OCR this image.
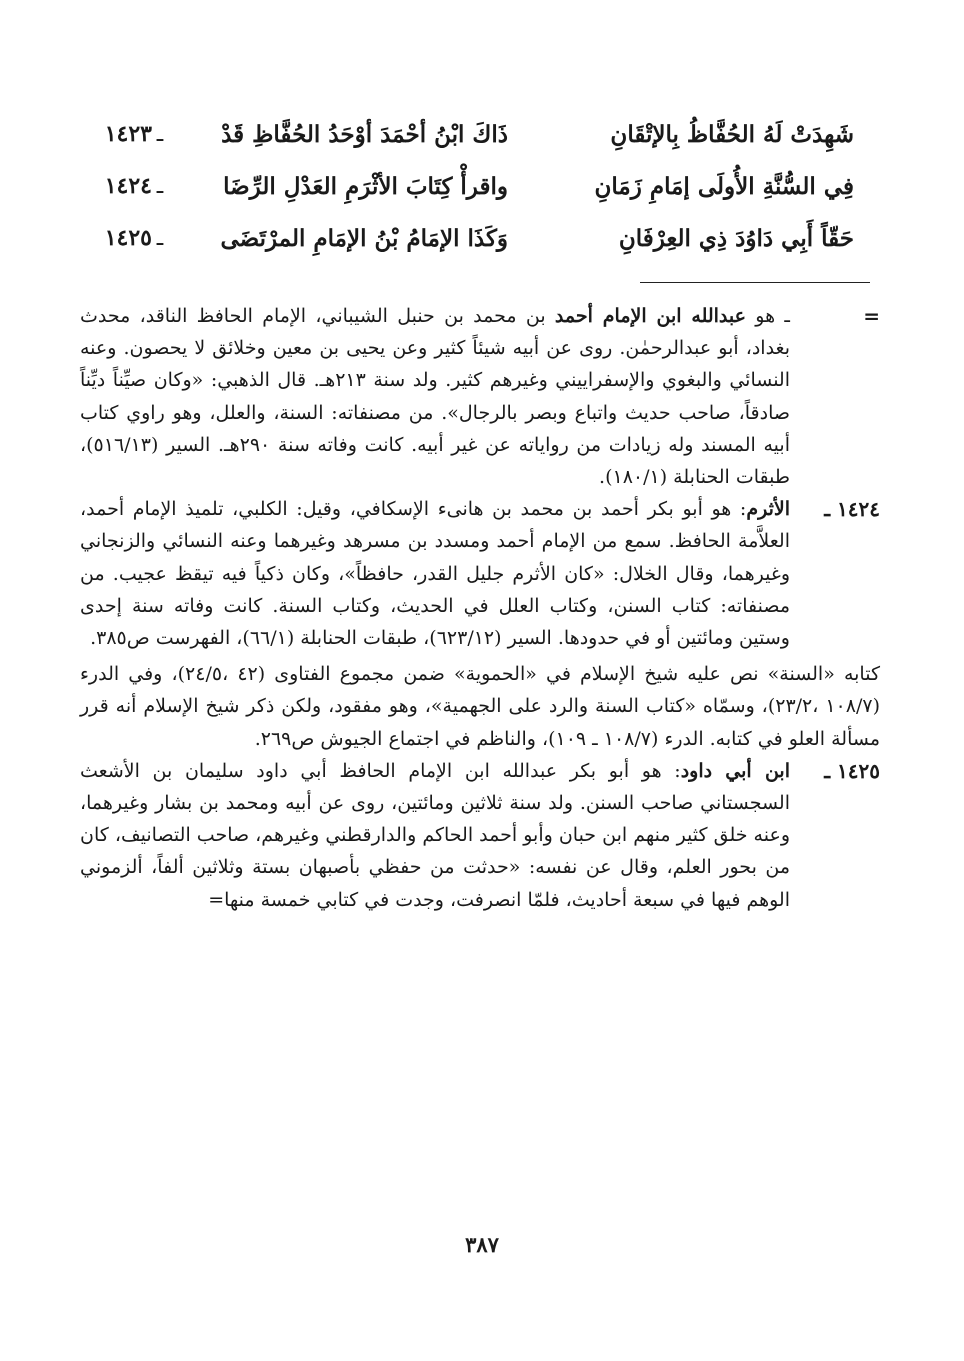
١٤٢٣ ـ	ذَاكَ ابْنُ أحْمَدَ أوْحَدُ الحُفَّاظِ قَدْ	شَهِدَتْ لَهُ الحُفَّاظُ بِالإتْقَانِ
١٤٢٤ ـ	واقرأْ كِتَابَ الأثْرَمِ العَدْلِ الرِّضَا	فِي السُّنَّةِ الأُولَى إمَامِ زَمَانِ
١٤٢٥ ـ	وَكَذَا الإمَامُ بْنُ الإمَامِ المرْتَضَى	حَقّاً أَبِي دَاوُدَ ذِي العِرْفَانِ
=
ـ هو عبدالله ابن الإمام أحمد بن محمد بن حنبل الشيباني، الإمام الحافظ الناقد، محدث بغداد، أبو عبدالرحمٰن. روى عن أبيه شيئاً كثير وعن يحيى بن معين وخلائق لا يحصون. وعنه النسائي والبغوي والإسفراييني وغيرهم كثير. ولد سنة ٢١٣هـ. قال الذهبي: «وكان صيِّناً ديِّناً صادقاً، صاحب حديث واتباع وبصر بالرجال». من مصنفاته: السنة، والعلل، وهو راوي كتاب أبيه المسند وله زيادات من رواياته عن غير أبيه. كانت وفاته سنة ٢٩٠هـ. السير (٥١٦/١٣)، طبقات الحنابلة (١٨٠/١).
١٤٢٤ ـ
الأثرم: هو أبو بكر أحمد بن محمد بن هانىء الإسكافي، وقيل: الكلبي، تلميذ الإمام أحمد، العلاَّمة الحافظ. سمع من الإمام أحمد ومسدد بن مسرهد وغيرهما وعنه النسائي والزنجاني وغيرهما، وقال الخلال: «كان الأثرم جليل القدر، حافظاً»، وكان ذكياً فيه تيقظ عجيب. من مصنفاته: كتاب السنن، وكتاب العلل في الحديث، وكتاب السنة. كانت وفاته سنة إحدى وستين ومائتين أو في حدودها. السير (٦٢٣/١٢)، طبقات الحنابلة (٦٦/١)، الفهرست ص٣٨٥.
كتابه «السنة» نص عليه شيخ الإسلام في «الحموية» ضمن مجموع الفتاوى (٤٢ ،٢٤/٥)، وفي الدرء (١٠٨/٧ ،٢٣/٢)، وسمّاه «كتاب السنة والرد على الجهمية»، وهو مفقود، ولكن ذكر شيخ الإسلام أنه قرر مسألة العلو في كتابه. الدرء (١٠٨/٧ ـ ١٠٩)، والناظم في اجتماع الجيوش ص٢٦٩.
١٤٢٥ ـ
ابن أبي داود: هو أبو بكر عبدالله ابن الإمام الحافظ أبي داود سليمان بن الأشعث السجستاني صاحب السنن. ولد سنة ثلاثين ومائتين، روى عن أبيه ومحمد بن بشار وغيرهما، وعنه خلق كثير منهم ابن حبان وأبو أحمد الحاكم والدارقطني وغيرهم، صاحب التصانيف، كان من بحور العلم، وقال عن نفسه: «حدثت من حفظي بأصبهان بستة وثلاثين ألفاً، ألزموني الوهم فيها في سبعة أحاديث، فلمّا انصرفت، وجدت في كتابي خمسة منها=
٣٨٧
